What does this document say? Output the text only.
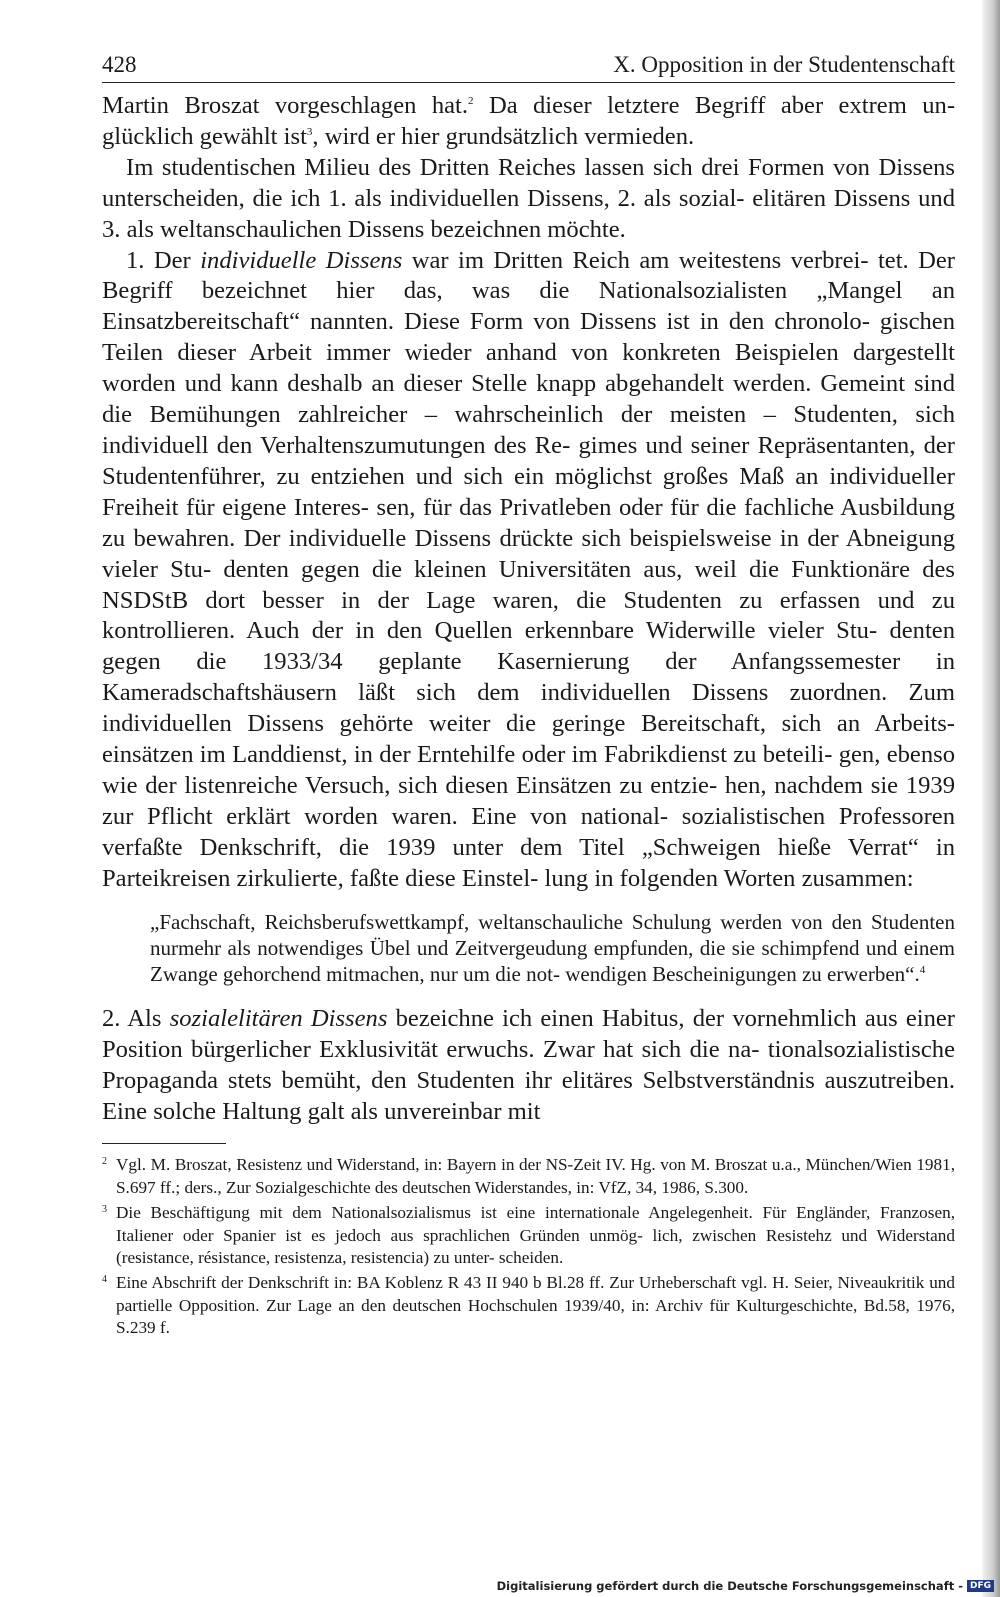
428	X. Opposition in der Studentenschaft

Martin Broszat vorgeschlagen hat.$^2$ Da dieser letztere Begriff aber extrem un- glücklich gewählt ist$^3$, wird er hier grundsätzlich vermieden.

Im studentischen Milieu des Dritten Reiches lassen sich drei Formen von Dissens unterscheiden, die ich 1. als individuellen Dissens, 2. als sozial- elitären Dissens und 3. als weltanschaulichen Dissens bezeichnen möchte.

1. Der individuelle Dissens war im Dritten Reich am weitestens verbrei- tet. Der Begriff bezeichnet hier das, was die Nationalsozialisten „Mangel an Einsatzbereitschaft“ nannten. Diese Form von Dissens ist in den chronolo- gischen Teilen dieser Arbeit immer wieder anhand von konkreten Beispielen dargestellt worden und kann deshalb an dieser Stelle knapp abgehandelt werden. Gemeint sind die Bemühungen zahlreicher – wahrscheinlich der meisten – Studenten, sich individuell den Verhaltenszumutungen des Re- gimes und seiner Repräsentanten, der Studentenführer, zu entziehen und sich ein möglichst großes Maß an individueller Freiheit für eigene Interes- sen, für das Privatleben oder für die fachliche Ausbildung zu bewahren. Der individuelle Dissens drückte sich beispielsweise in der Abneigung vieler Stu- denten gegen die kleinen Universitäten aus, weil die Funktionäre des NSDStB dort besser in der Lage waren, die Studenten zu erfassen und zu kontrollieren. Auch der in den Quellen erkennbare Widerwille vieler Stu- denten gegen die 1933/34 geplante Kasernierung der Anfangssemester in Kameradschaftshäusern läßt sich dem individuellen Dissens zuordnen. Zum individuellen Dissens gehörte weiter die geringe Bereitschaft, sich an Arbeits- einsätzen im Landdienst, in der Erntehilfe oder im Fabrikdienst zu beteili- gen, ebenso wie der listenreiche Versuch, sich diesen Einsätzen zu entzie- hen, nachdem sie 1939 zur Pflicht erklärt worden waren. Eine von national- sozialistischen Professoren verfaßte Denkschrift, die 1939 unter dem Titel „Schweigen hieße Verrat“ in Parteikreisen zirkulierte, faßte diese Einstel- lung in folgenden Worten zusammen:

„Fachschaft, Reichsberufswettkampf, weltanschauliche Schulung werden von den Studenten nurmehr als notwendiges Übel und Zeitvergeudung empfunden, die sie schimpfend und einem Zwange gehorchend mitmachen, nur um die not- wendigen Bescheinigungen zu erwerben“.$^4$
2. Als sozialelitären Dissens bezeichne ich einen Habitus, der vornehmlich aus einer Position bürgerlicher Exklusivität erwuchs. Zwar hat sich die na- tionalsozialistische Propaganda stets bemüht, den Studenten ihr elitäres Selbstverständnis auszutreiben. Eine solche Haltung galt als unvereinbar mit
2 Vgl. M. Broszat, Resistenz und Widerstand, in: Bayern in der NS-Zeit IV. Hg. von M. Broszat u.a., München/Wien 1981, S.697 ff.; ders., Zur Sozialgeschichte des deutschen Widerstandes, in: VfZ, 34, 1986, S.300.
3 Die Beschäftigung mit dem Nationalsozialismus ist eine internationale Angelegenheit. Für Engländer, Franzosen, Italiener oder Spanier ist es jedoch aus sprachlichen Gründen unmög- lich, zwischen Resistehz und Widerstand (resistance, résistance, resistenza, resistencia) zu unter- scheiden.
4 Eine Abschrift der Denkschrift in: BA Koblenz R 43 II 940 b Bl.28 ff. Zur Urheberschaft vgl. H. Seier, Niveaukritik und partielle Opposition. Zur Lage an den deutschen Hochschulen 1939/40, in: Archiv für Kulturgeschichte, Bd.58, 1976, S.239 f.
Digitalisierung gefördert durch die Deutsche Forschungsgemeinschaft - DFG
